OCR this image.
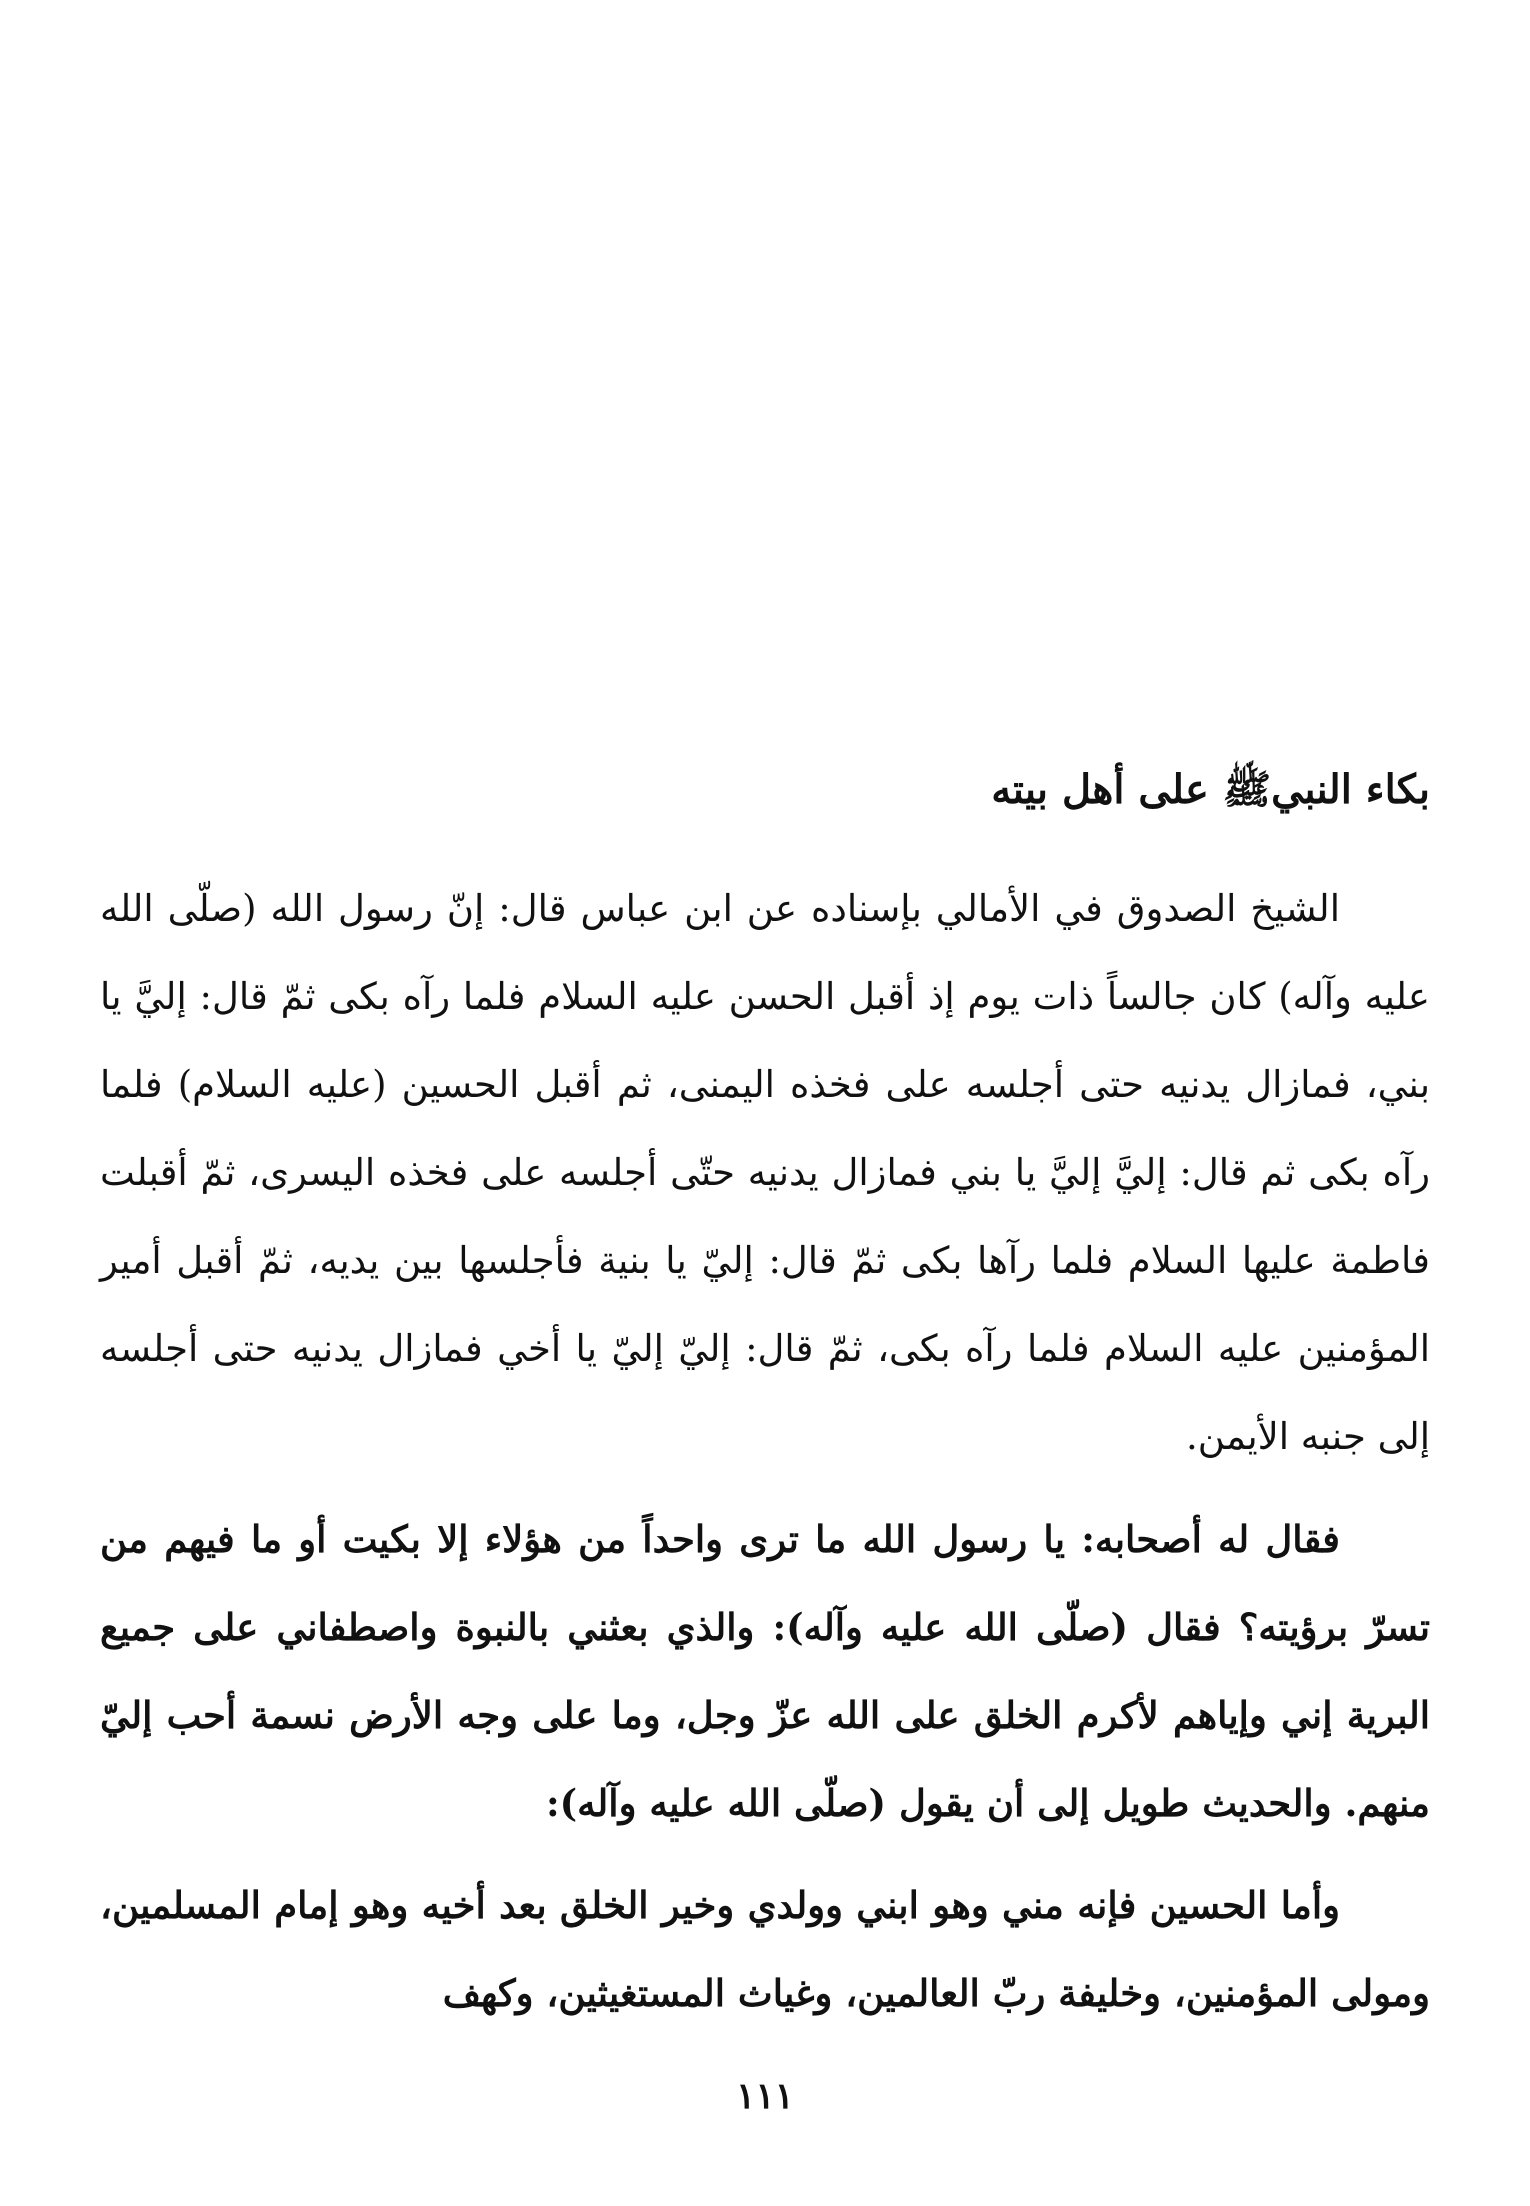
بكاء النبيﷺ على أهل بيته

الشيخ الصدوق في الأمالي بإسناده عن ابن عباس قال: إنّ رسول الله (صلّى الله عليه وآله) كان جالساً ذات يوم إذ أقبل الحسن عليه السلام فلما رآه بكى ثمّ قال: إليَّ يا بني، فمازال يدنيه حتى أجلسه على فخذه اليمنى، ثم أقبل الحسين (عليه السلام) فلما رآه بكى ثم قال: إليَّ إليَّ يا بني فمازال يدنيه حتّى أجلسه على فخذه اليسرى، ثمّ أقبلت فاطمة عليها السلام فلما رآها بكى ثمّ قال: إليّ يا بنية فأجلسها بين يديه، ثمّ أقبل أمير المؤمنين عليه السلام فلما رآه بكى، ثمّ قال: إليّ إليّ يا أخي فمازال يدنيه حتى أجلسه إلى جنبه الأيمن.

فقال له أصحابه: يا رسول الله ما ترى واحداً من هؤلاء إلا بكيت أو ما فيهم من تسرّ برؤيته؟ فقال (صلّى الله عليه وآله): والذي بعثني بالنبوة واصطفاني على جميع البرية إني وإياهم لأكرم الخلق على الله عزّ وجل، وما على وجه الأرض نسمة أحب إليّ منهم. والحديث طويل إلى أن يقول (صلّى الله عليه وآله):

وأما الحسين فإنه مني وهو ابني وولدي وخير الخلق بعد أخيه وهو إمام المسلمين، ومولى المؤمنين، وخليفة ربّ العالمين، وغياث المستغيثين، وكهف

١١١
